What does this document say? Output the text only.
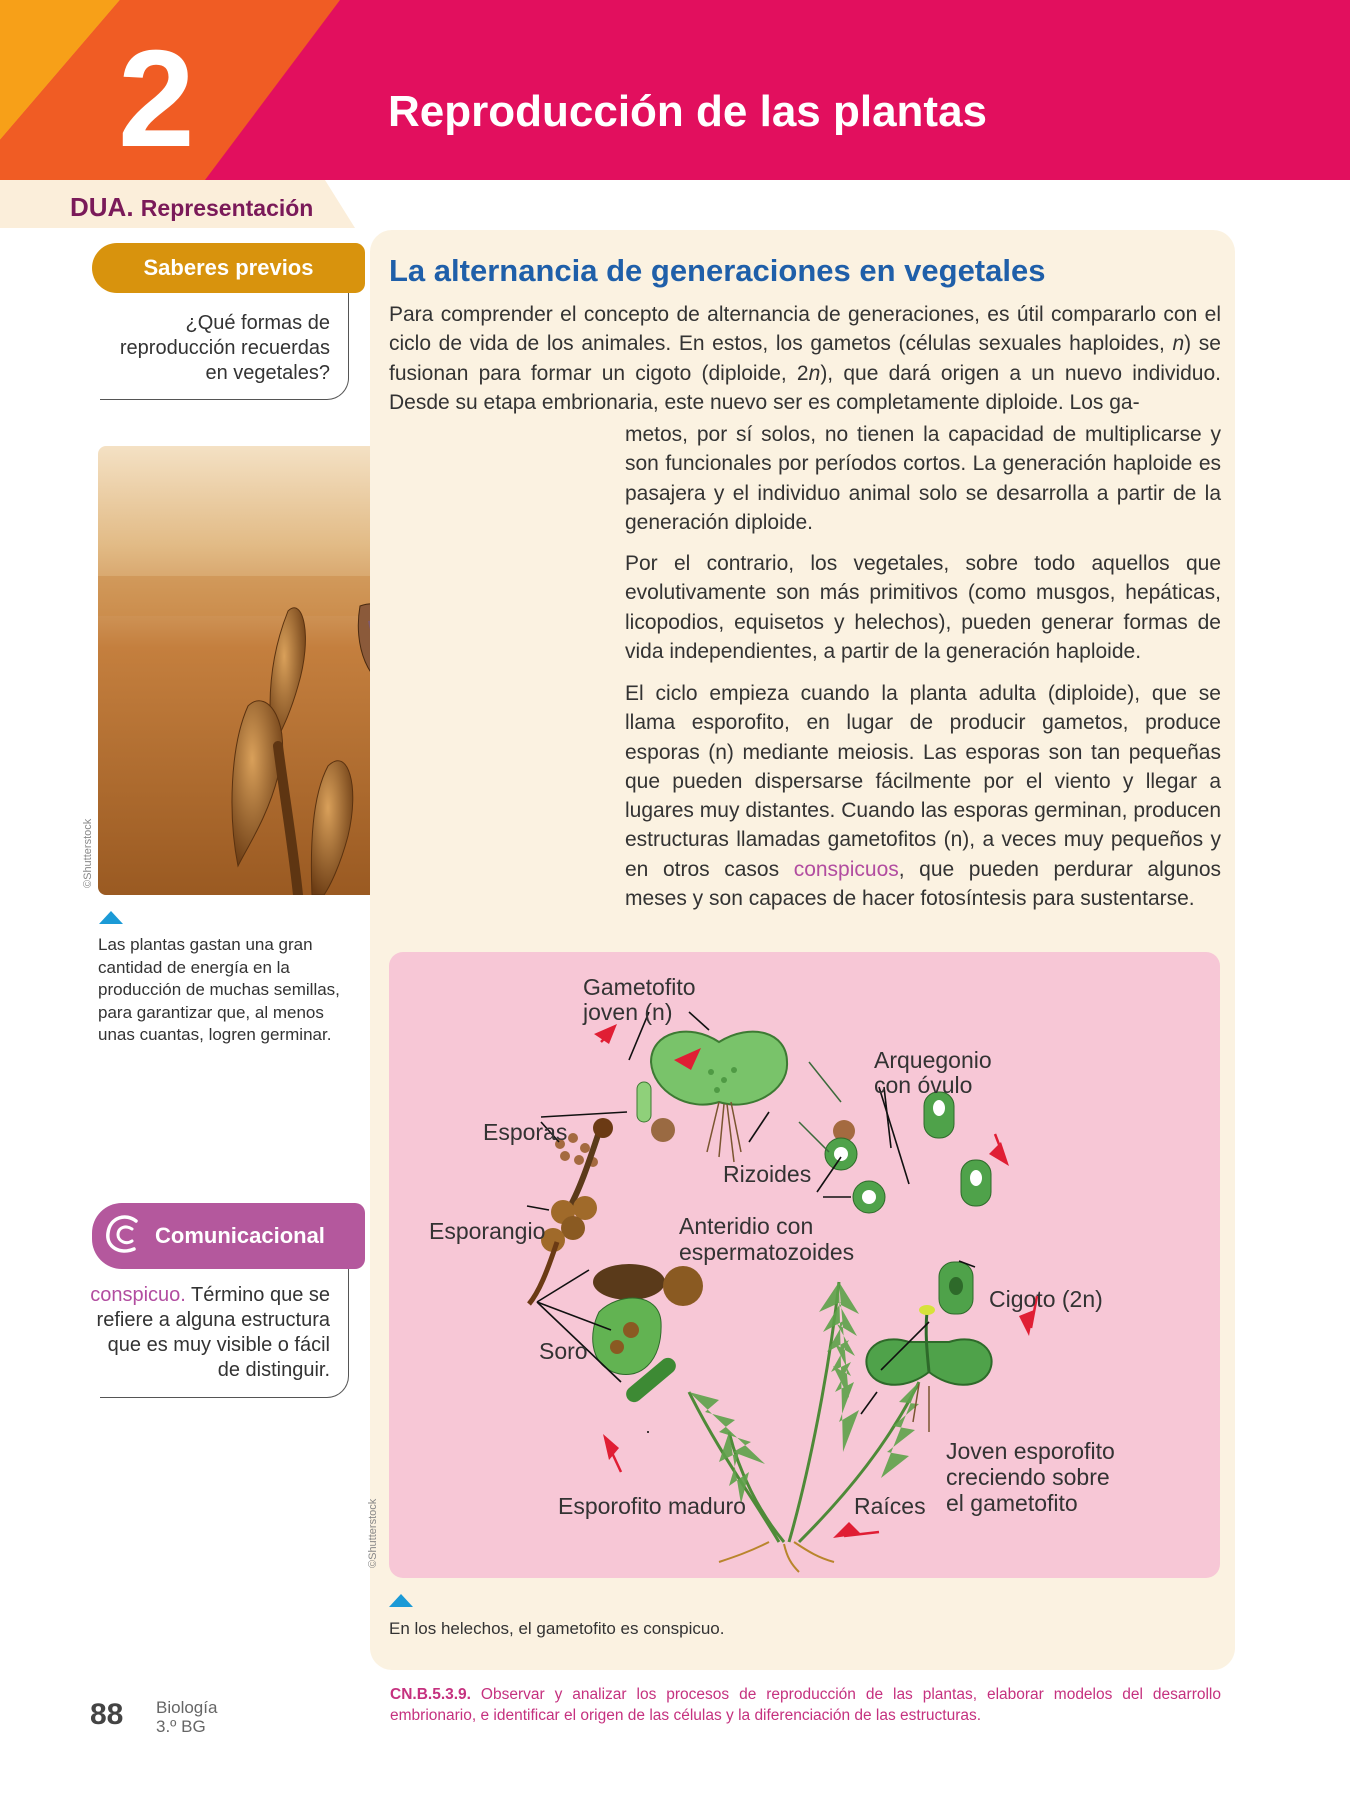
2	Reproducción de las plantas
DUA. Representación
Saberes previos
¿Qué formas de reproducción recuerdas en vegetales?
©Shutterstock
Las plantas gastan una gran cantidad de energía en la producción de muchas semillas, para garantizar que, al menos unas cuantas, logren germinar.
Comunicacional
conspicuo. Término que se refiere a alguna estructura que es muy visible o fácil de distinguir.
La alternancia de generaciones en vegetales

Para comprender el concepto de alternancia de generaciones, es útil compararlo con el ciclo de vida de los animales. En estos, los gametos (células sexuales haploides, n) se fusionan para formar un cigoto (diploide, 2n), que dará origen a un nuevo individuo. Desde su etapa embrionaria, este nuevo ser es completamente diploide. Los ga-

metos, por sí solos, no tienen la capacidad de multiplicarse y son funcionales por períodos cortos. La generación haploide es pasajera y el individuo animal solo se desarrolla a partir de la generación diploide.

Por el contrario, los vegetales, sobre todo aquellos que evolutivamente son más primitivos (como musgos, hepáticas, licopodios, equisetos y helechos), pueden generar formas de vida independientes, a partir de la generación haploide.

El ciclo empieza cuando la planta adulta (diploide), que se llama esporofito, en lugar de producir gametos, produce esporas (n) mediante meiosis. Las esporas son tan pequeñas que pueden dispersarse fácilmente por el viento y llegar a lugares muy distantes. Cuando las esporas germinan, producen estructuras llamadas gametofitos (n), a veces muy pequeños y en otros casos conspicuos, que pueden perdurar algunos meses y son capaces de hacer fotosíntesis para sustentarse.

Gametofito
joven (n)
Arquegonio
con óvulo
Esporas
Rizoides
Esporangio	Anteridio con
espermatozoides
Cigoto (2n)
Soro
Joven esporofito
creciendo sobre
el gametofito
Esporofito maduro	Raíces
©Shutterstock
En los helechos, el gametofito es conspicuo.
88 Biología
3.º BG
CN.B.5.3.9. Observar y analizar los procesos de reproducción de las plantas, elaborar modelos del desarrollo embrionario, e identificar el origen de las células y la diferenciación de las estructuras.
